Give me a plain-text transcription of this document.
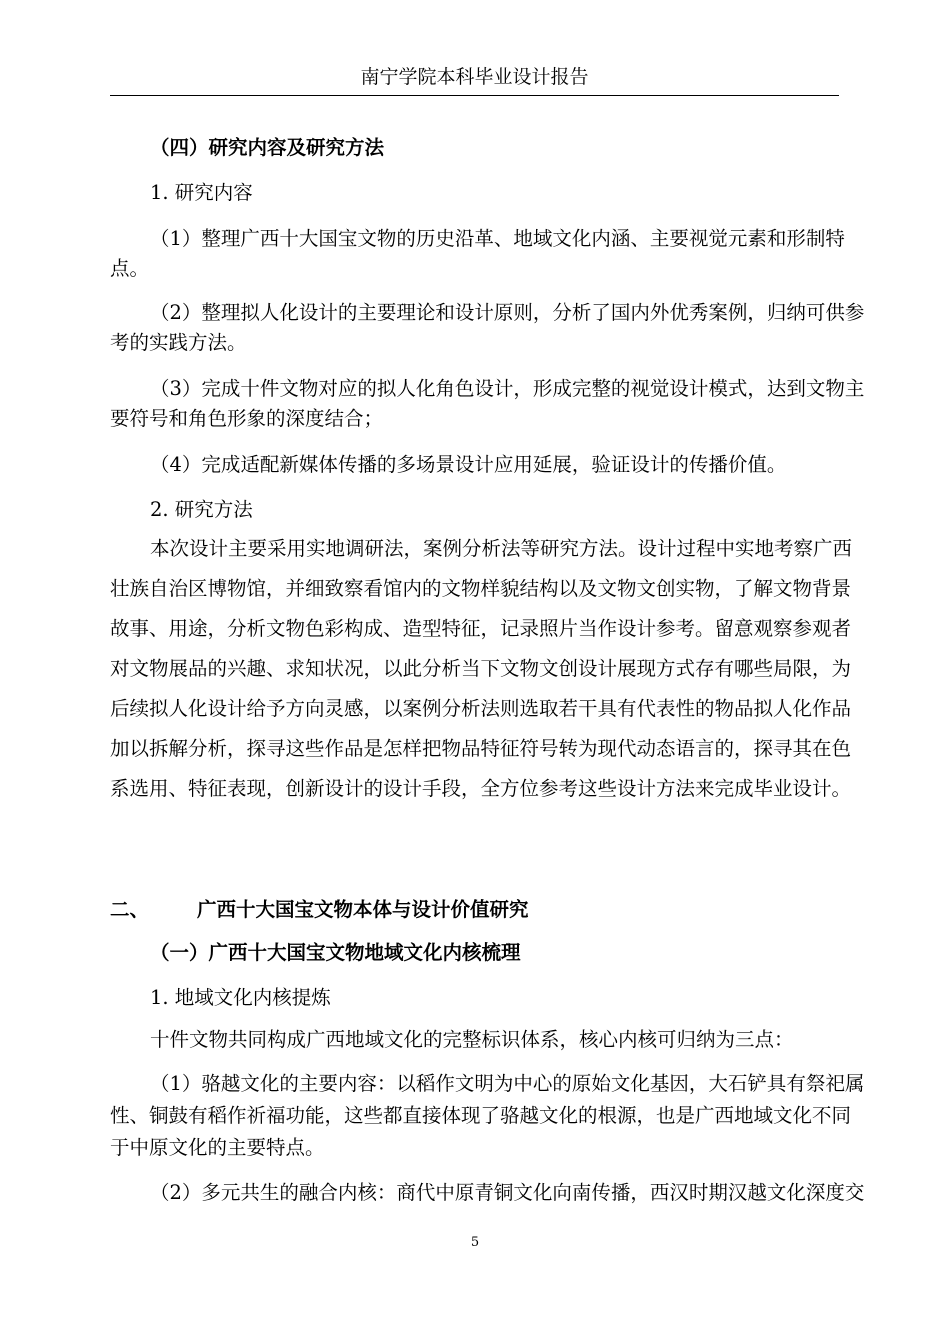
南宁学院本科毕业设计报告
（四）研究内容及研究方法
1. 研究内容
（1）整理广西十大国宝文物的历史沿革、地域文化内涵、主要视觉元素和形制特
点。
（2）整理拟人化设计的主要理论和设计原则，分析了国内外优秀案例，归纳可供参
考的实践方法。
（3）完成十件文物对应的拟人化角色设计，形成完整的视觉设计模式，达到文物主
要符号和角色形象的深度结合；
（4）完成适配新媒体传播的多场景设计应用延展，验证设计的传播价值。
2. 研究方法
本次设计主要采用实地调研法，案例分析法等研究方法。设计过程中实地考察广西
壮族自治区博物馆，并细致察看馆内的文物样貌结构以及文物文创实物，了解文物背景
故事、用途，分析文物色彩构成、造型特征，记录照片当作设计参考。留意观察参观者
对文物展品的兴趣、求知状况，以此分析当下文物文创设计展现方式存有哪些局限，为
后续拟人化设计给予方向灵感，以案例分析法则选取若干具有代表性的物品拟人化作品
加以拆解分析，探寻这些作品是怎样把物品特征符号转为现代动态语言的，探寻其在色
系选用、特征表现，创新设计的设计手段，全方位参考这些设计方法来完成毕业设计。
二、 广西十大国宝文物本体与设计价值研究
（一）广西十大国宝文物地域文化内核梳理
1. 地域文化内核提炼
十件文物共同构成广西地域文化的完整标识体系，核心内核可归纳为三点：
（1）骆越文化的主要内容：以稻作文明为中心的原始文化基因，大石铲具有祭祀属
性、铜鼓有稻作祈福功能，这些都直接体现了骆越文化的根源，也是广西地域文化不同
于中原文化的主要特点。
（2）多元共生的融合内核：商代中原青铜文化向南传播，西汉时期汉越文化深度交
5
